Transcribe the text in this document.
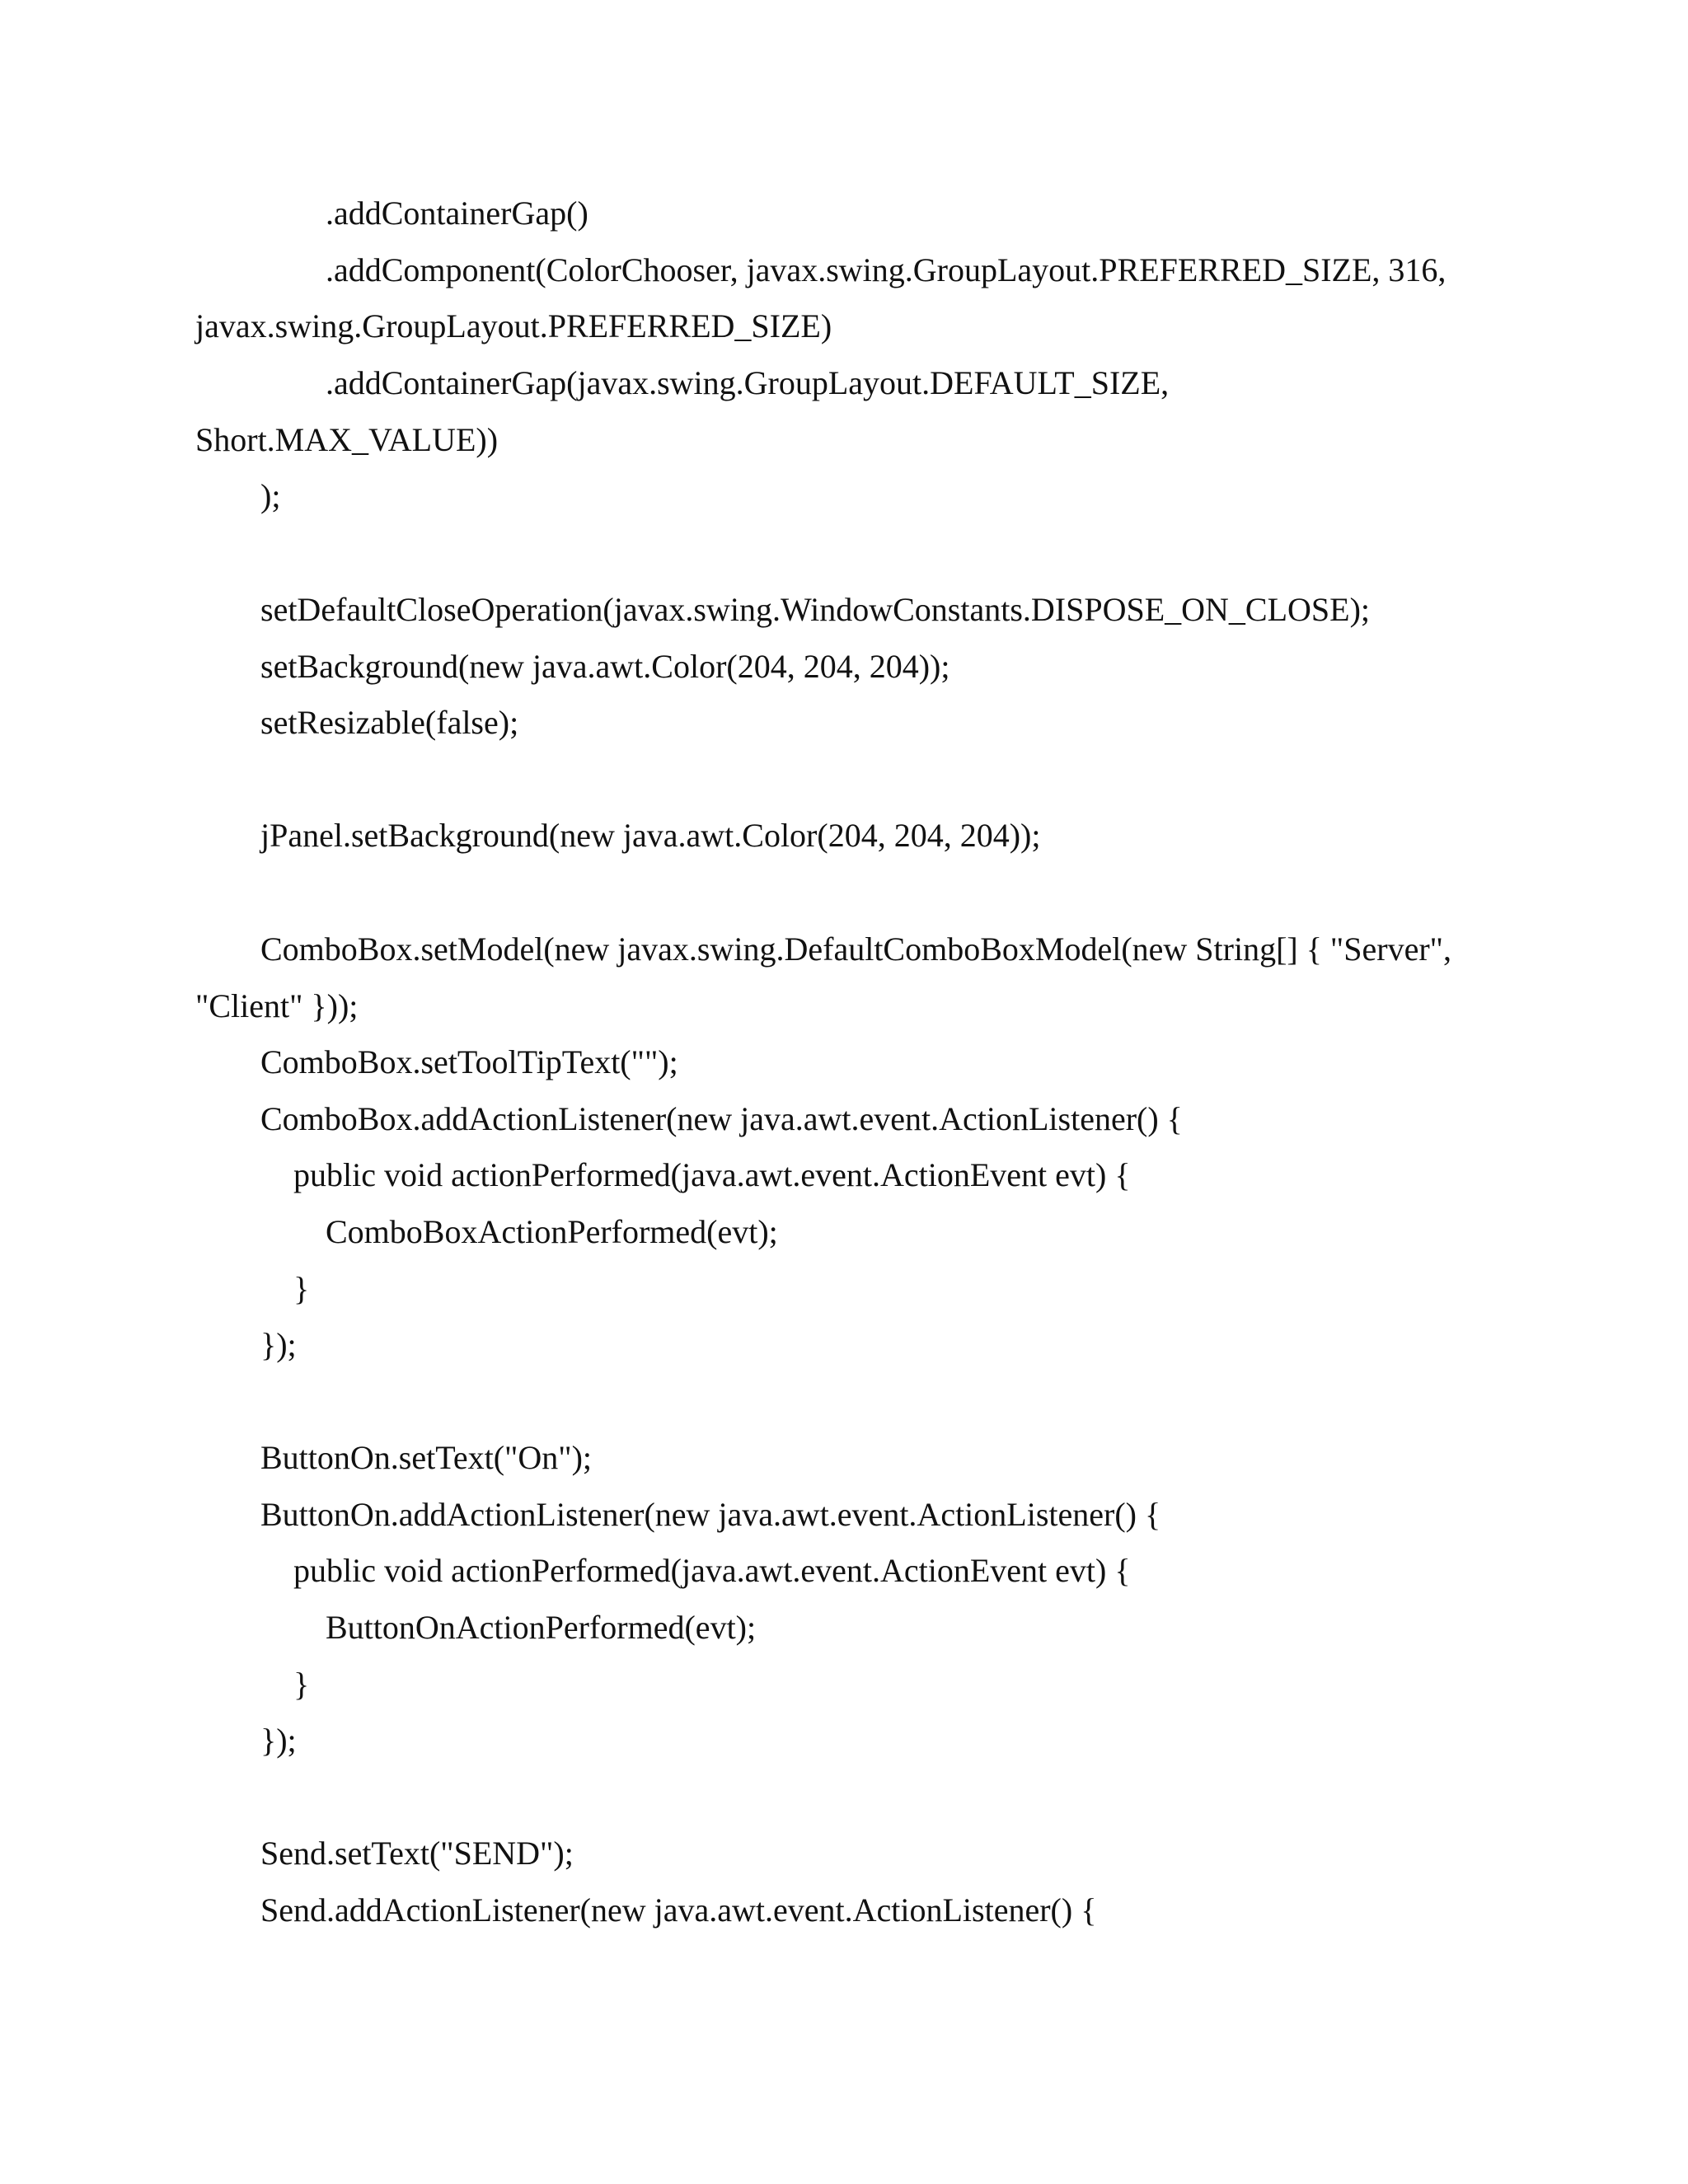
.addContainerGap()
.addComponent(ColorChooser, javax.swing.GroupLayout.PREFERRED_SIZE, 316,
javax.swing.GroupLayout.PREFERRED_SIZE)
.addContainerGap(javax.swing.GroupLayout.DEFAULT_SIZE,
Short.MAX_VALUE))
);
setDefaultCloseOperation(javax.swing.WindowConstants.DISPOSE_ON_CLOSE);
setBackground(new java.awt.Color(204, 204, 204));
setResizable(false);
jPanel.setBackground(new java.awt.Color(204, 204, 204));
ComboBox.setModel(new javax.swing.DefaultComboBoxModel(new String[] { "Server",
"Client" }));
ComboBox.setToolTipText("");
ComboBox.addActionListener(new java.awt.event.ActionListener() {
public void actionPerformed(java.awt.event.ActionEvent evt) {
ComboBoxActionPerformed(evt);
}
});
ButtonOn.setText("On");
ButtonOn.addActionListener(new java.awt.event.ActionListener() {
public void actionPerformed(java.awt.event.ActionEvent evt) {
ButtonOnActionPerformed(evt);
}
});
Send.setText("SEND");
Send.addActionListener(new java.awt.event.ActionListener() {
